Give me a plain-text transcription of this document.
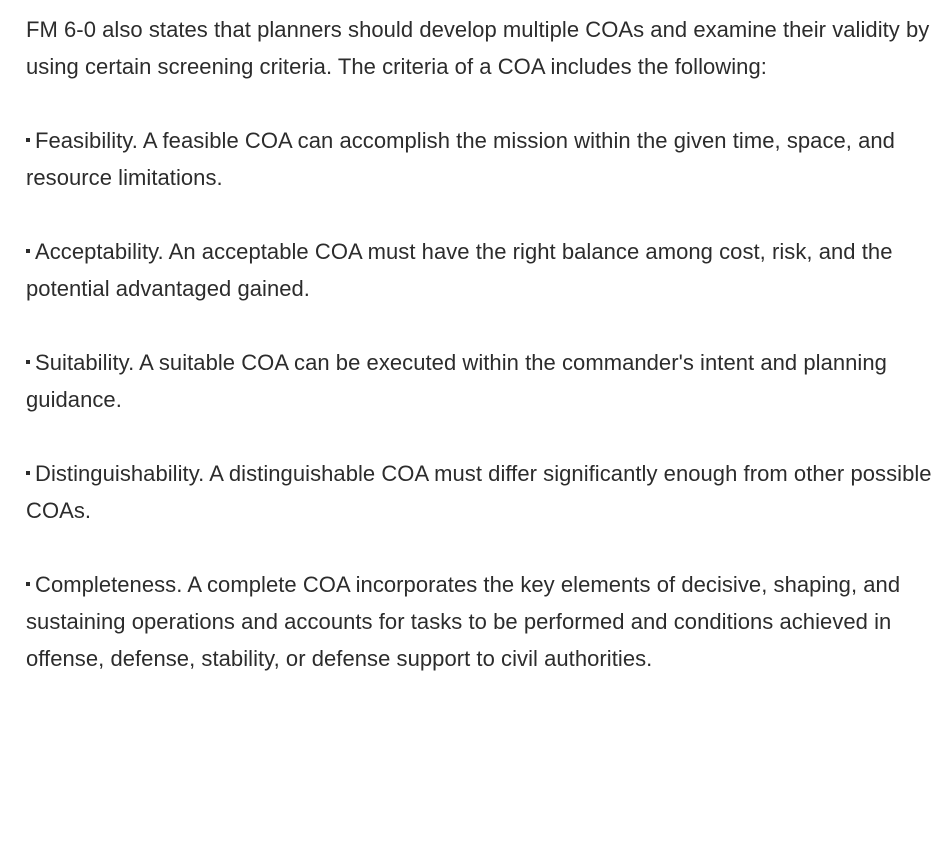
FM 6-0 also states that planners should develop multiple COAs and examine their validity by using certain screening criteria. The criteria of a COA includes the following:

Feasibility. A feasible COA can accomplish the mission within the given time, space, and resource limitations.

Acceptability. An acceptable COA must have the right balance among cost, risk, and the potential advantaged gained.

Suitability. A suitable COA can be executed within the commander's intent and planning guidance.

Distinguishability. A distinguishable COA must differ significantly enough from other possible COAs.

Completeness. A complete COA incorporates the key elements of decisive, shaping, and sustaining operations and accounts for tasks to be performed and conditions achieved in offense, defense, stability, or defense support to civil authorities.
